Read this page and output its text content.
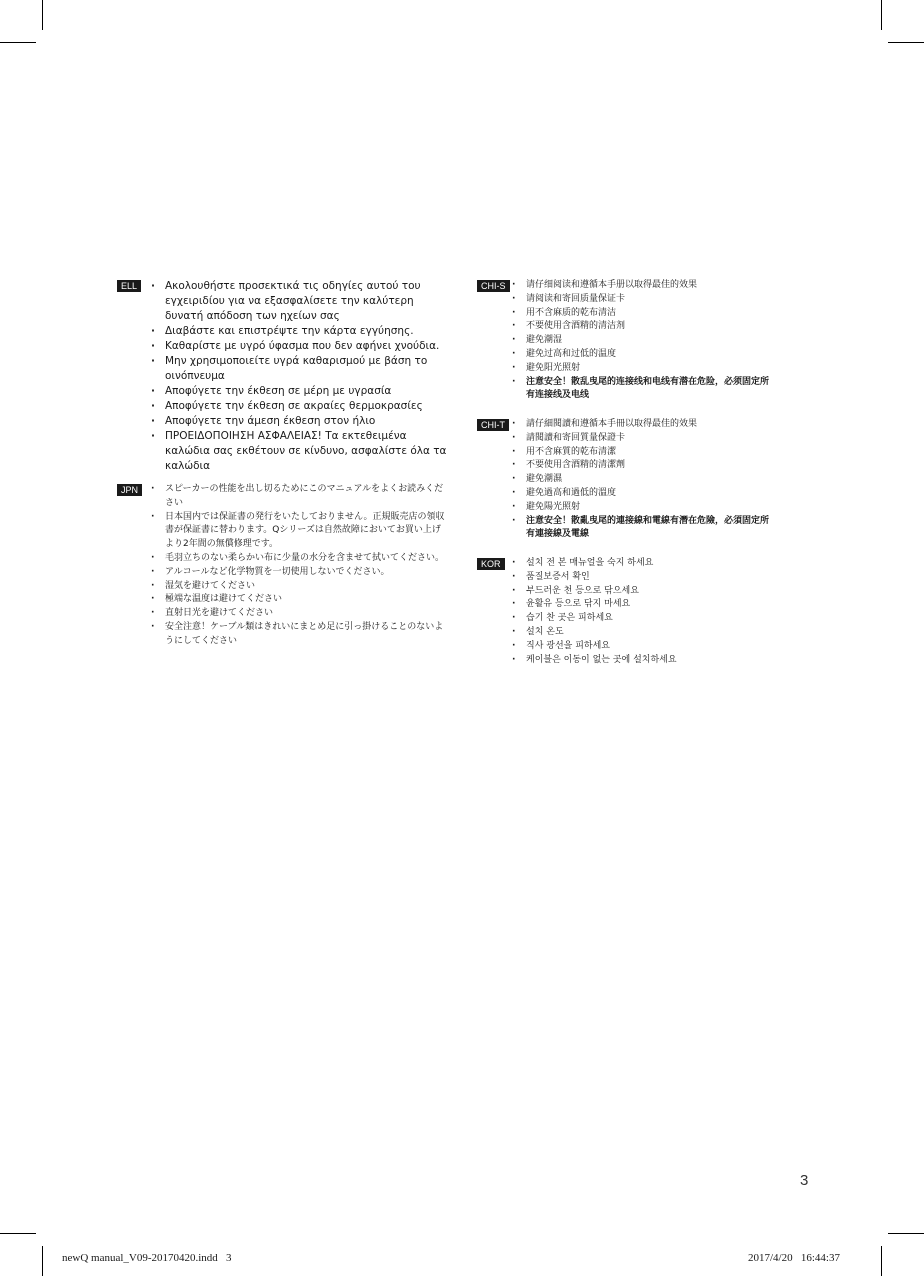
ELL	· Ακολουθήστε προσεκτικά τις οδηγίες αυτού του εγχειριδίου για να εξασφαλίσετε την καλύτερη δυνατή απόδοση των ηχείων σας
· Διαβάστε και επιστρέψτε την κάρτα εγγύησης.
· Καθαρίστε με υγρό ύφασμα που δεν αφήνει χνούδια.
· Μην χρησιμοποιείτε υγρά καθαρισμού με βάση το οινόπνευμα
· Αποφύγετε την έκθεση σε μέρη με υγρασία
· Αποφύγετε την έκθεση σε ακραίες θερμοκρασίες
· Αποφύγετε την άμεση έκθεση στον ήλιο
· ΠΡΟΕΙΔΟΠΟΙΗΣΗ ΑΣΦΑΛΕΙΑΣ! Τα εκτεθειμένα καλώδια σας εκθέτουν σε κίνδυνο, ασφαλίστε όλα τα καλώδια
JPN	· スピーカーの性能を出し切るためにこのマニュアルをよくお読みください
· 日本国内では保証書の発行をいたしておりません。正規販売店の領収書が保証書に替わります。Qシリーズは自然故障においてお買い上げより2年間の無償修理です。
· 毛羽立ちのない柔らかい布に少量の水分を含ませて拭いてください。
· アルコールなど化学物質を一切使用しないでください。
· 湿気を避けてください
· 極端な温度は避けてください
· 直射日光を避けてください
· 安全注意！ケーブル類はきれいにまとめ足に引っ掛けることのないようにしてください
CHI-S	· 请仔细阅读和遵循本手册以取得最佳的效果
· 请阅读和寄回质量保证卡
· 用不含麻质的乾布清洁
· 不要使用含酒精的清洁剂
· 避免潮湿
· 避免过高和过低的温度
· 避免阳光照射
· 注意安全！散乱曳尾的连接线和电线有潜在危险，必须固定所有连接线及电线
CHI-T	· 請仔細閱讀和遵循本手冊以取得最佳的效果
· 請閱讀和寄回質量保證卡
· 用不含麻質的乾布清潔
· 不要使用含酒精的清潔劑
· 避免潮濕
· 避免過高和過低的溫度
· 避免陽光照射
· 注意安全！散亂曳尾的連接線和電線有潛在危險，必須固定所有連接線及電線
KOR	· 설치 전 본 매뉴얼을 숙지 하세요
· 품질보증서 확인
· 부드러운 천 등으로 닦으세요
· 윤활유 등으로 닦지 마세요
· 습기 찬 곳은 피하세요
· 설치 온도
· 직사 광선을 피하세요
· 케이블은 이동이 없는 곳에 설치하세요
3
newQ manual_V09-20170420.indd   3	2017/4/20   16:44:37
